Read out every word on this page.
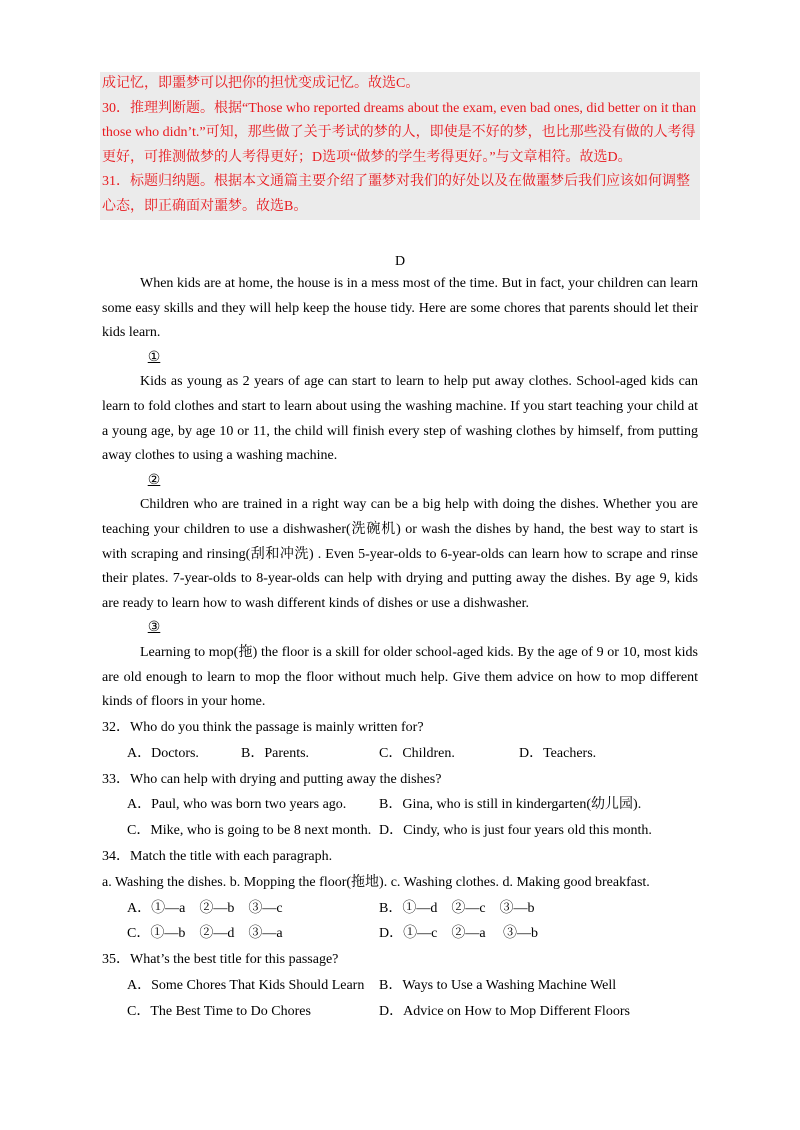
成记忆，即噩梦可以把你的担忧变成记忆。故选C。

30．推理判断题。根据“Those who reported dreams about the exam, even bad ones, did better on it than those who didn’t.”可知，那些做了关于考试的梦的人，即使是不好的梦，也比那些没有做的人考得更好，可推测做梦的人考得更好；D选项“做梦的学生考得更好。”与文章相符。故选D。

31．标题归纳题。根据本文通篇主要介绍了噩梦对我们的好处以及在做噩梦后我们应该如何调整心态，即正确面对噩梦。故选B。

D

When kids are at home, the house is in a mess most of the time. But in fact, your children can learn some easy skills and they will help keep the house tidy. Here are some chores that parents should let their kids learn.

①

Kids as young as 2 years of age can start to learn to help put away clothes. School-aged kids can learn to fold clothes and start to learn about using the washing machine. If you start teaching your child at a young age, by age 10 or 11, the child will finish every step of washing clothes by himself, from putting away clothes to using a washing machine.

②

Children who are trained in a right way can be a big help with doing the dishes. Whether you are teaching your children to use a dishwasher(洗碗机) or wash the dishes by hand, the best way to start is with scraping and rinsing(刮和冲洗) . Even 5-year-olds to 6-year-olds can learn how to scrape and rinse their plates. 7-year-olds to 8-year-olds can help with drying and putting away the dishes. By age 9, kids are ready to learn how to wash different kinds of dishes or use a dishwasher.

③

Learning to mop(拖) the floor is a skill for older school-aged kids. By the age of 9 or 10, most kids are old enough to learn to mop the floor without much help. Give them advice on how to mop different kinds of floors in your home.

32．Who do you think the passage is mainly written for?

A．Doctors.	B．Parents.	C．Children.	D．Teachers.

33．Who can help with drying and putting away the dishes?

A．Paul, who was born two years ago.	B．Gina, who is still in kindergarten(幼儿园).
C．Mike, who is going to be 8 next month. D．Cindy, who is just four years old this month.

34．Match the title with each paragraph.

a. Washing the dishes. b. Mopping the floor(拖地). c. Washing clothes. d. Making good breakfast.

A．①—a　②—b　③—c	B．①—d　②—c　③—b
C．①—b　②—d　③—a	D．①—c　②—a　 ③—b

35．What’s the best title for this passage?

A．Some Chores That Kids Should Learn	B．Ways to Use a Washing Machine Well
C．The Best Time to Do Chores	D．Advice on How to Mop Different Floors
